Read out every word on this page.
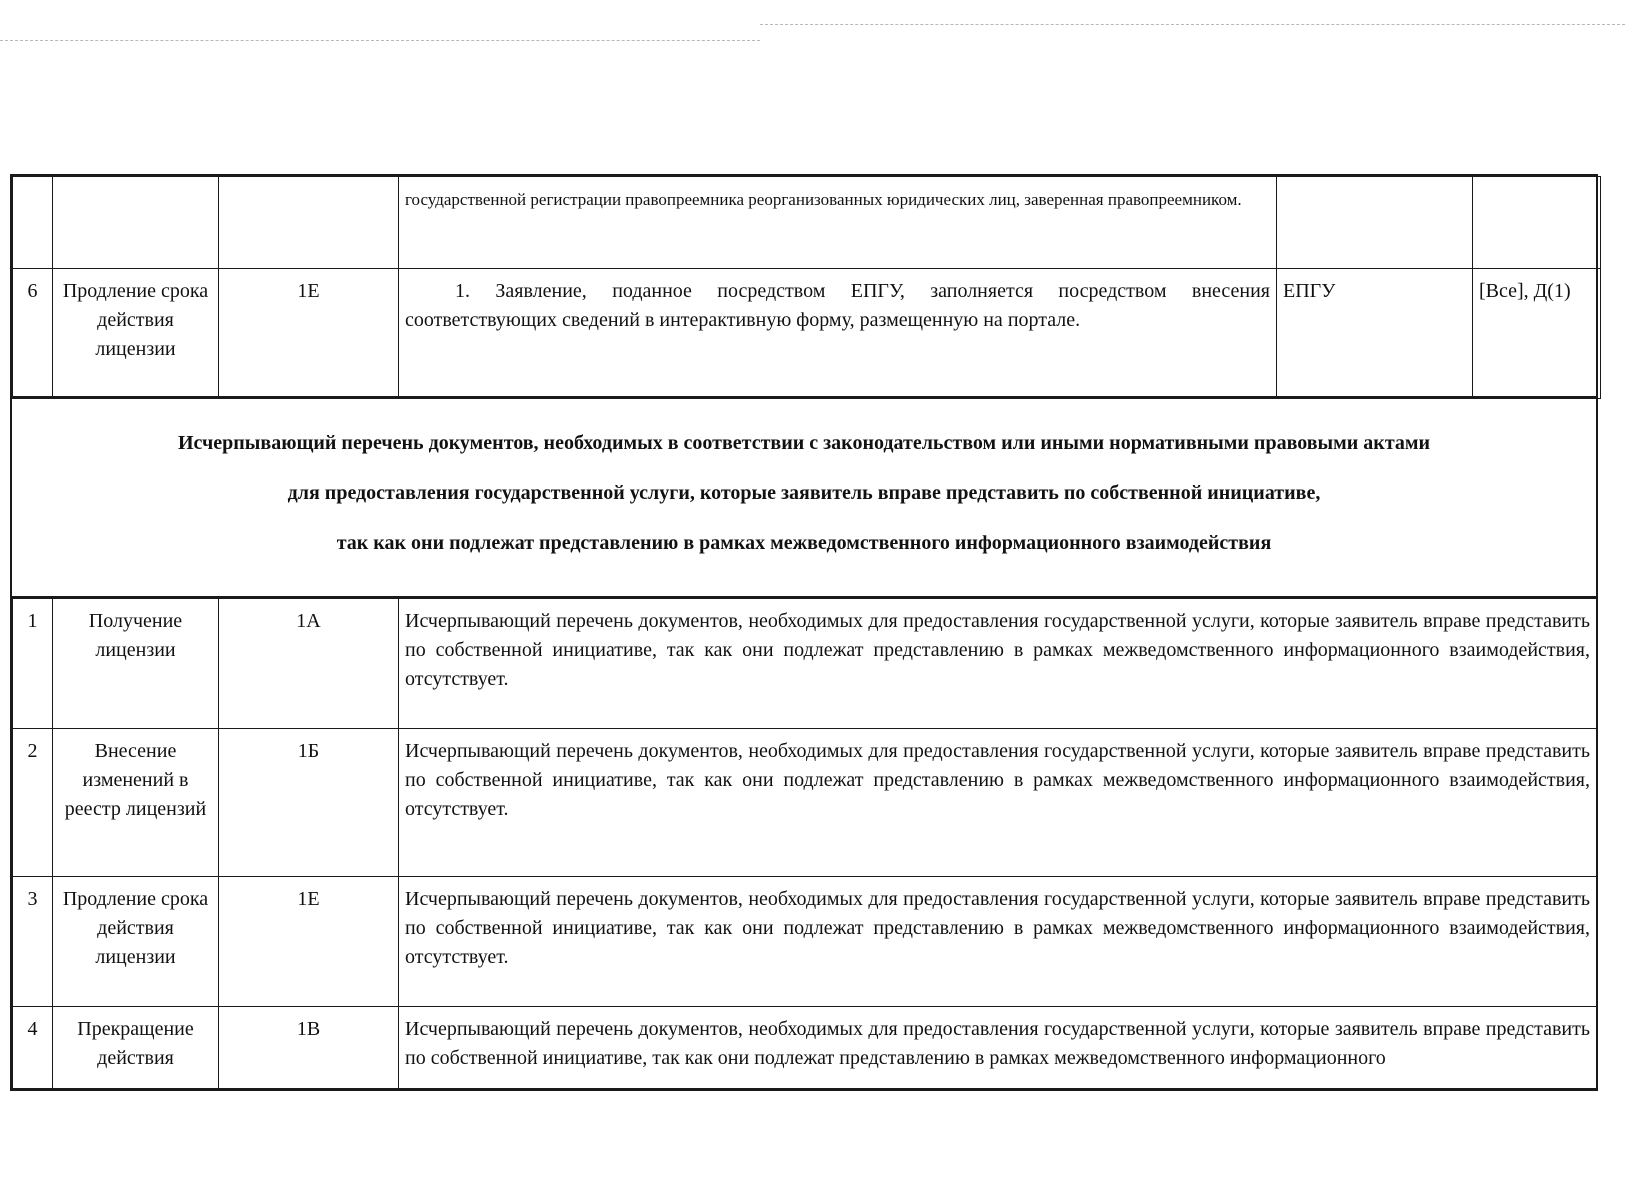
			государственной регистрации правопреемника реорганизованных юридических лиц, заверенная правопреемником.		
6	Продление срока действия лицензии	1Е	1. Заявление, поданное посредством ЕПГУ, заполняется посредством внесения соответствующих сведений в интерактивную форму, размещенную на портале.	ЕПГУ	[Все], Д(1)
Исчерпывающий перечень документов, необходимых в соответствии с законодательством или иными нормативными правовыми актами
для предоставления государственной услуги, которые заявитель вправе представить по собственной инициативе,
так как они подлежат представлению в рамках межведомственного информационного взаимодействия
1	Получение лицензии	1А	Исчерпывающий перечень документов, необходимых для предоставления государственной услуги, которые заявитель вправе представить по собственной инициативе, так как они подлежат представлению в рамках межведомственного информационного взаимодействия, отсутствует.
2	Внесение изменений в реестр лицензий	1Б	Исчерпывающий перечень документов, необходимых для предоставления государственной услуги, которые заявитель вправе представить по собственной инициативе, так как они подлежат представлению в рамках межведомственного информационного взаимодействия, отсутствует.
3	Продление срока действия лицензии	1Е	Исчерпывающий перечень документов, необходимых для предоставления государственной услуги, которые заявитель вправе представить по собственной инициативе, так как они подлежат представлению в рамках межведомственного информационного взаимодействия, отсутствует.
4	Прекращение действия	1В	Исчерпывающий перечень документов, необходимых для предоставления государственной услуги, которые заявитель вправе представить по собственной инициативе, так как они подлежат представлению в рамках межведомственного информационного
